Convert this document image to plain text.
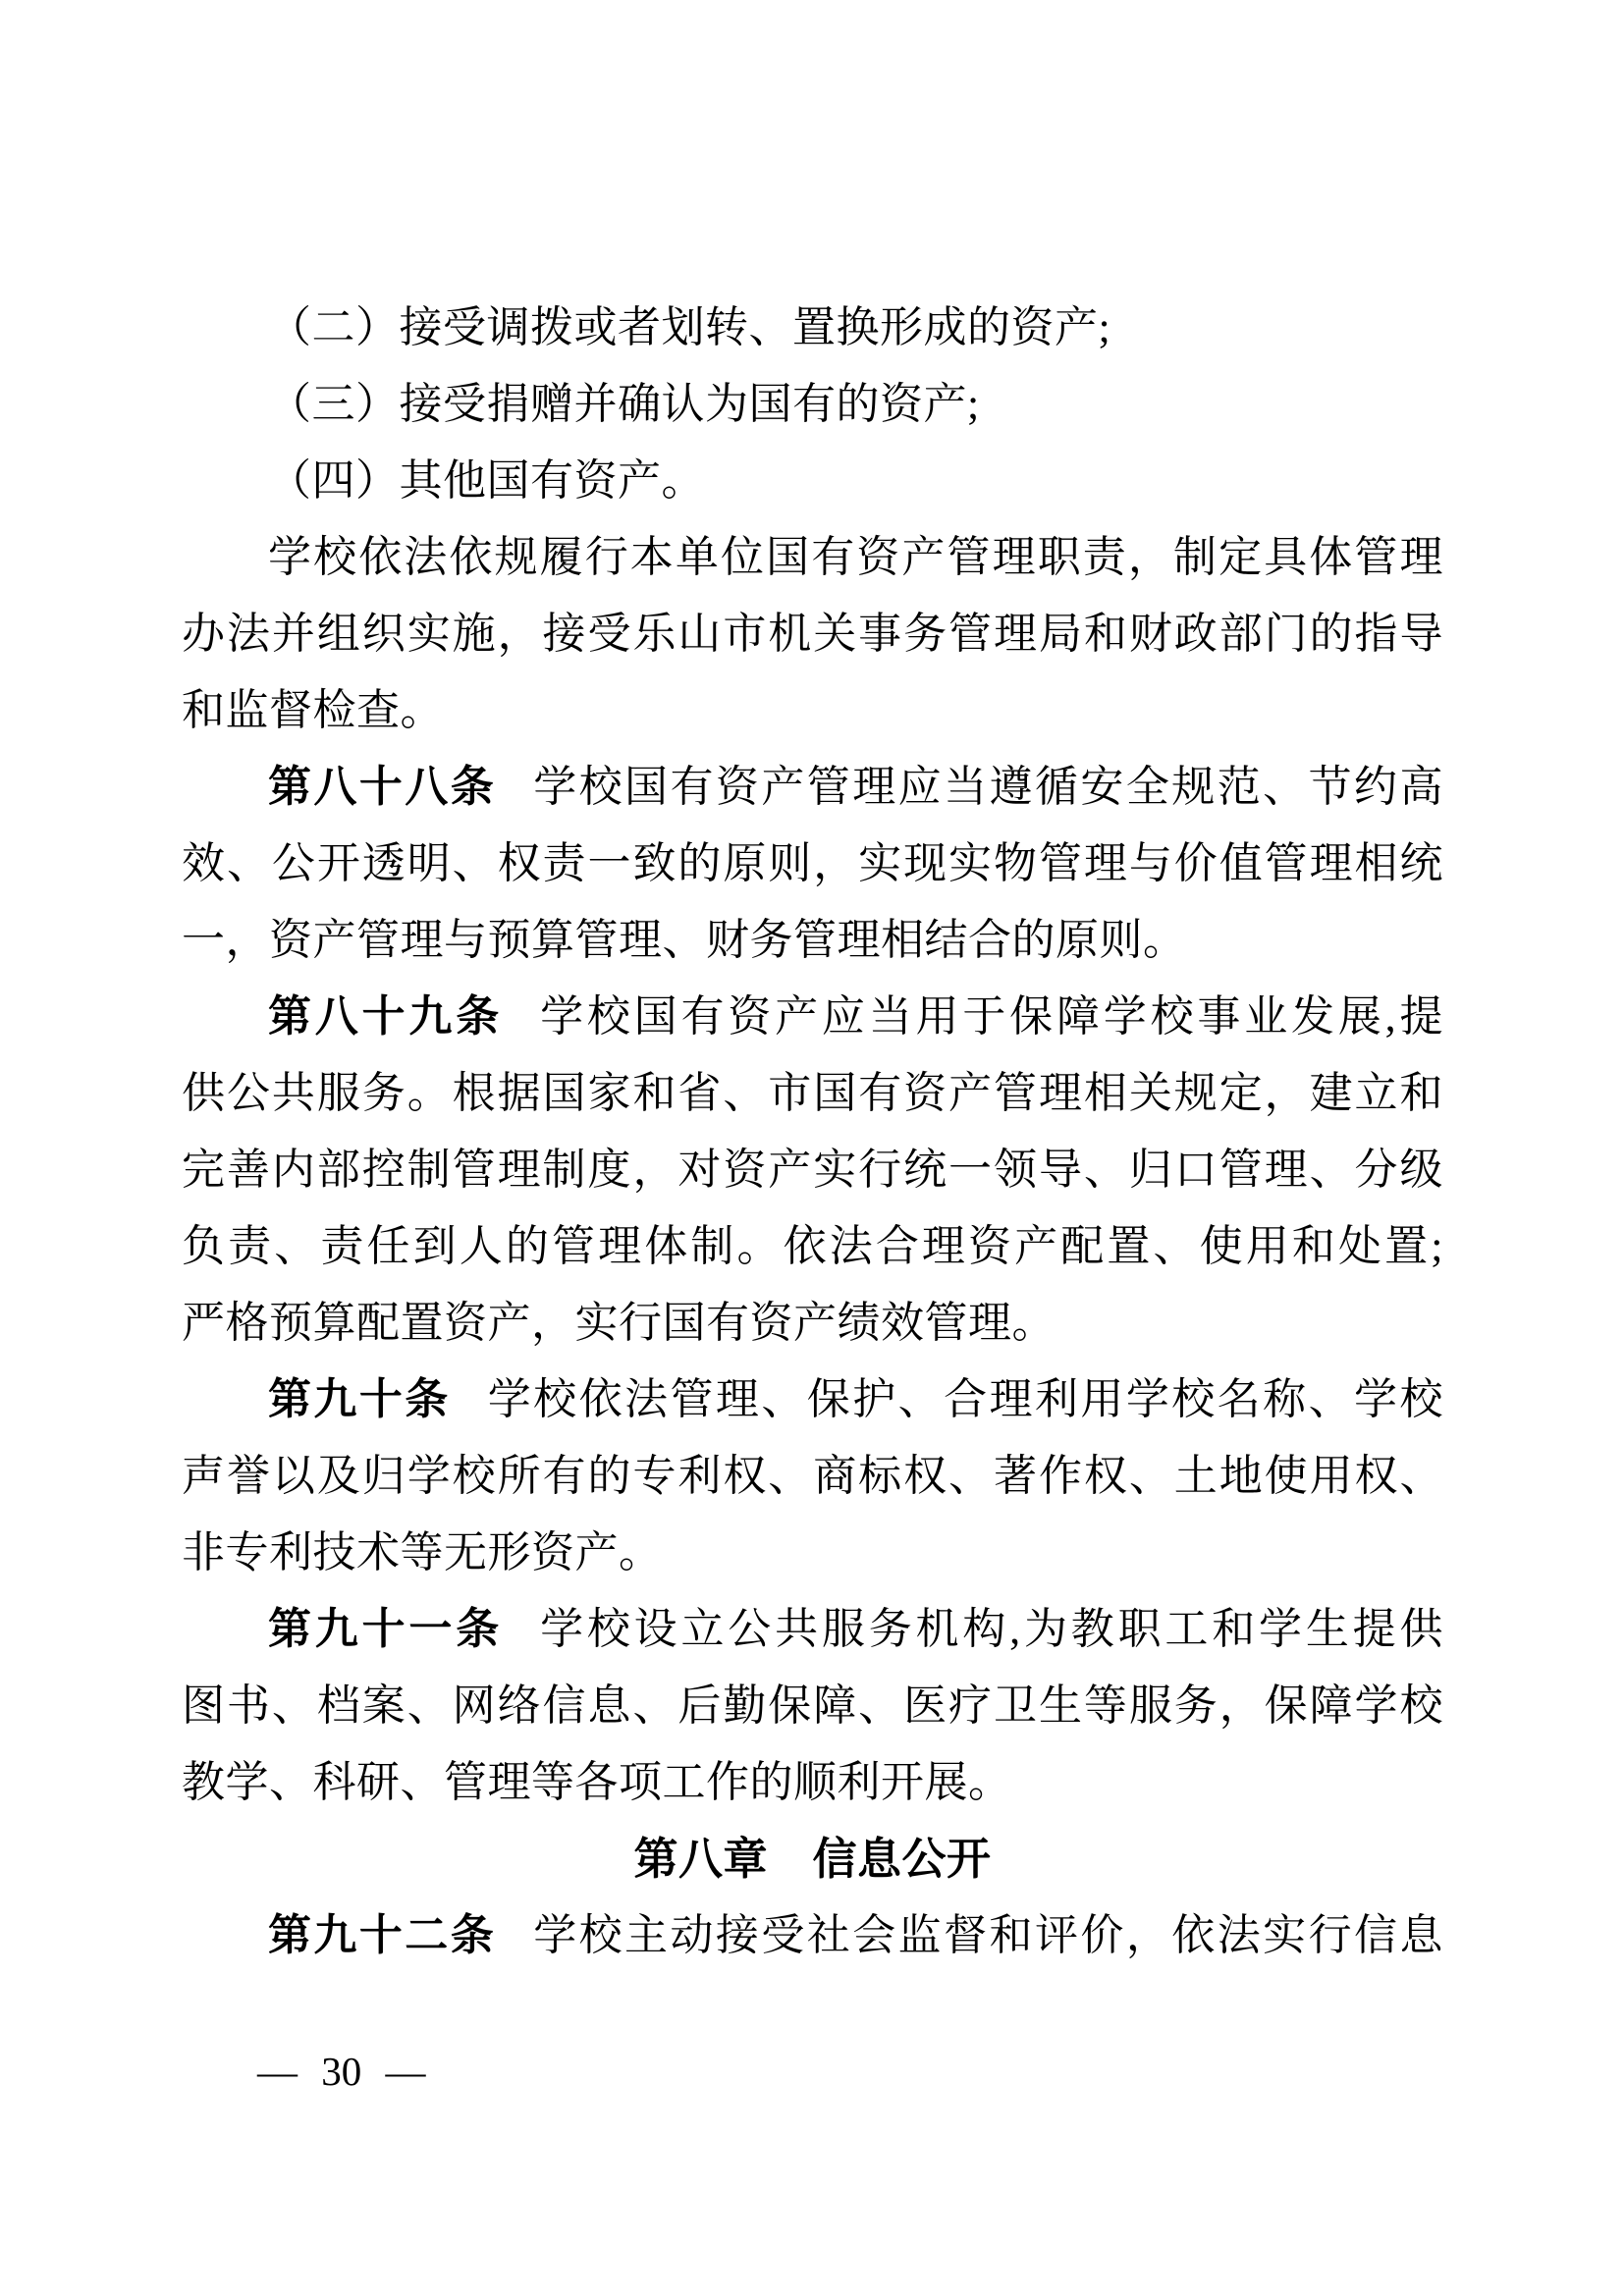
（二）接受调拨或者划转、置换形成的资产;
（三）接受捐赠并确认为国有的资产;
（四）其他国有资产。
学校依法依规履行本单位国有资产管理职责，制定具体管理
办法并组织实施，接受乐山市机关事务管理局和财政部门的指导
和监督检查。
第八十八条 学校国有资产管理应当遵循安全规范、节约高
效、公开透明、权责一致的原则，实现实物管理与价值管理相统
一，资产管理与预算管理、财务管理相结合的原则。
第八十九条 学校国有资产应当用于保障学校事业发展,提
供公共服务。根据国家和省、市国有资产管理相关规定，建立和
完善内部控制管理制度，对资产实行统一领导、归口管理、分级
负责、责任到人的管理体制。依法合理资产配置、使用和处置;
严格预算配置资产，实行国有资产绩效管理。
第九十条 学校依法管理、保护、合理利用学校名称、学校
声誉以及归学校所有的专利权、商标权、著作权、土地使用权、
非专利技术等无形资产。
第九十一条 学校设立公共服务机构,为教职工和学生提供
图书、档案、网络信息、后勤保障、医疗卫生等服务，保障学校
教学、科研、管理等各项工作的顺利开展。
第八章　信息公开
第九十二条 学校主动接受社会监督和评价，依法实行信息
— 30 —
